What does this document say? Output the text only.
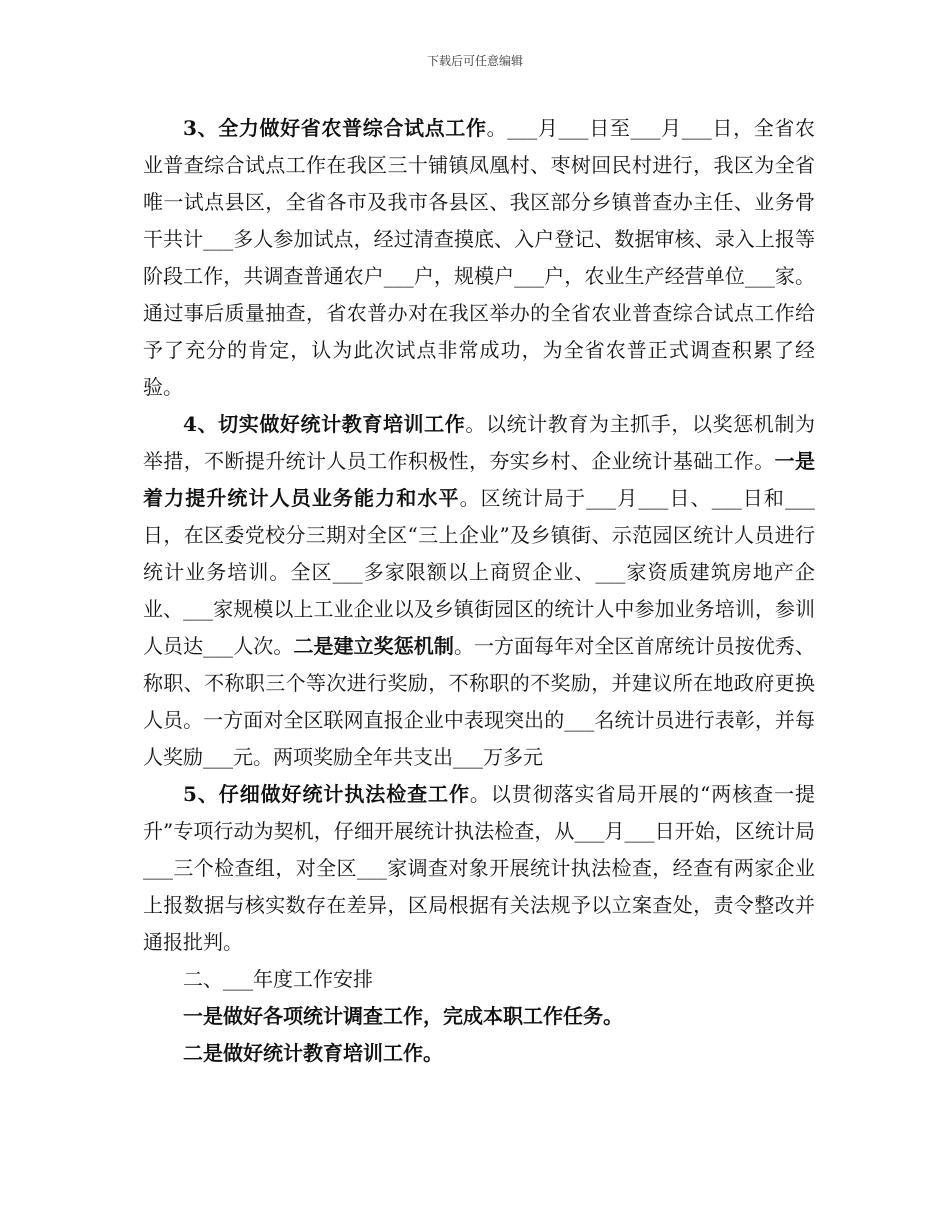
下载后可任意编辑

3、全力做好省农普综合试点工作。___月___日至___月___日，全省农业普查综合试点工作在我区三十铺镇凤凰村、枣树回民村进行，我区为全省唯一试点县区，全省各市及我市各县区、我区部分乡镇普查办主任、业务骨干共计___多人参加试点，经过清查摸底、入户登记、数据审核、录入上报等阶段工作，共调查普通农户___户，规模户___户，农业生产经营单位___家。通过事后质量抽查，省农普办对在我区举办的全省农业普查综合试点工作给予了充分的肯定，认为此次试点非常成功，为全省农普正式调查积累了经验。

4、切实做好统计教育培训工作。以统计教育为主抓手，以奖惩机制为举措，不断提升统计人员工作积极性，夯实乡村、企业统计基础工作。一是着力提升统计人员业务能力和水平。区统计局于___月___日、___日和___日，在区委党校分三期对全区“三上企业”及乡镇街、示范园区统计人员进行统计业务培训。全区___多家限额以上商贸企业、___家资质建筑房地产企业、___家规模以上工业企业以及乡镇街园区的统计人中参加业务培训，参训人员达___人次。二是建立奖惩机制。一方面每年对全区首席统计员按优秀、称职、不称职三个等次进行奖励，不称职的不奖励，并建议所在地政府更换人员。一方面对全区联网直报企业中表现突出的___名统计员进行表彰，并每人奖励___元。两项奖励全年共支出___万多元

5、仔细做好统计执法检查工作。以贯彻落实省局开展的“两核查一提升”专项行动为契机，仔细开展统计执法检查，从___月___日开始，区统计局___三个检查组，对全区___家调查对象开展统计执法检查，经查有两家企业上报数据与核实数存在差异，区局根据有关法规予以立案查处，责令整改并通报批判。

二、___年度工作安排

一是做好各项统计调查工作，完成本职工作任务。

二是做好统计教育培训工作。
